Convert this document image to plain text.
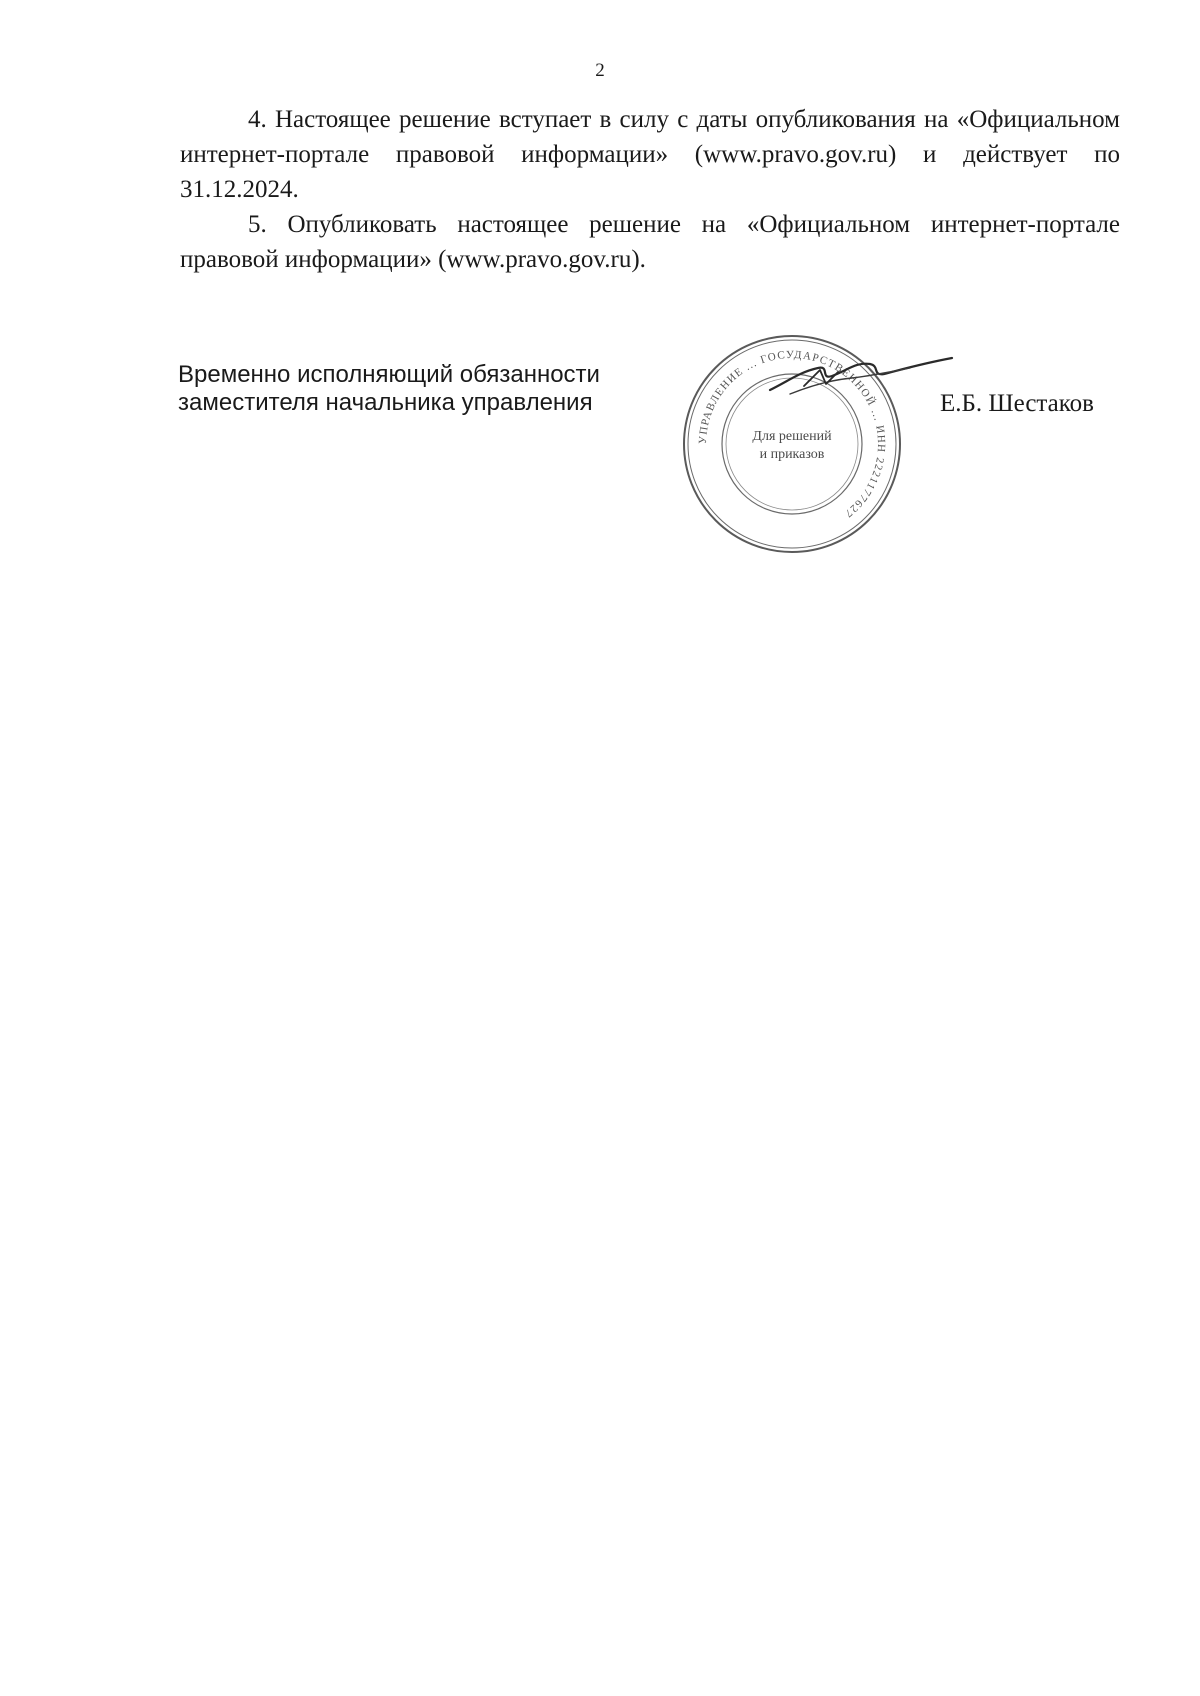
2

4. Настоящее решение вступает в силу с даты опубликования на «Официальном интернет-портале правовой информации» (www.pravo.gov.ru) и действует по 31.12.2024.

5. Опубликовать настоящее решение на «Официальном интернет-портале правовой информации» (www.pravo.gov.ru).

Временно исполняющий обязанности
заместителя начальника управления
УПРАВЛЕНИЕ ... ГОСУДАРСТВЕННОЙ ... ИНН 2221177627
Для решений
и приказов
Е.Б. Шестаков
